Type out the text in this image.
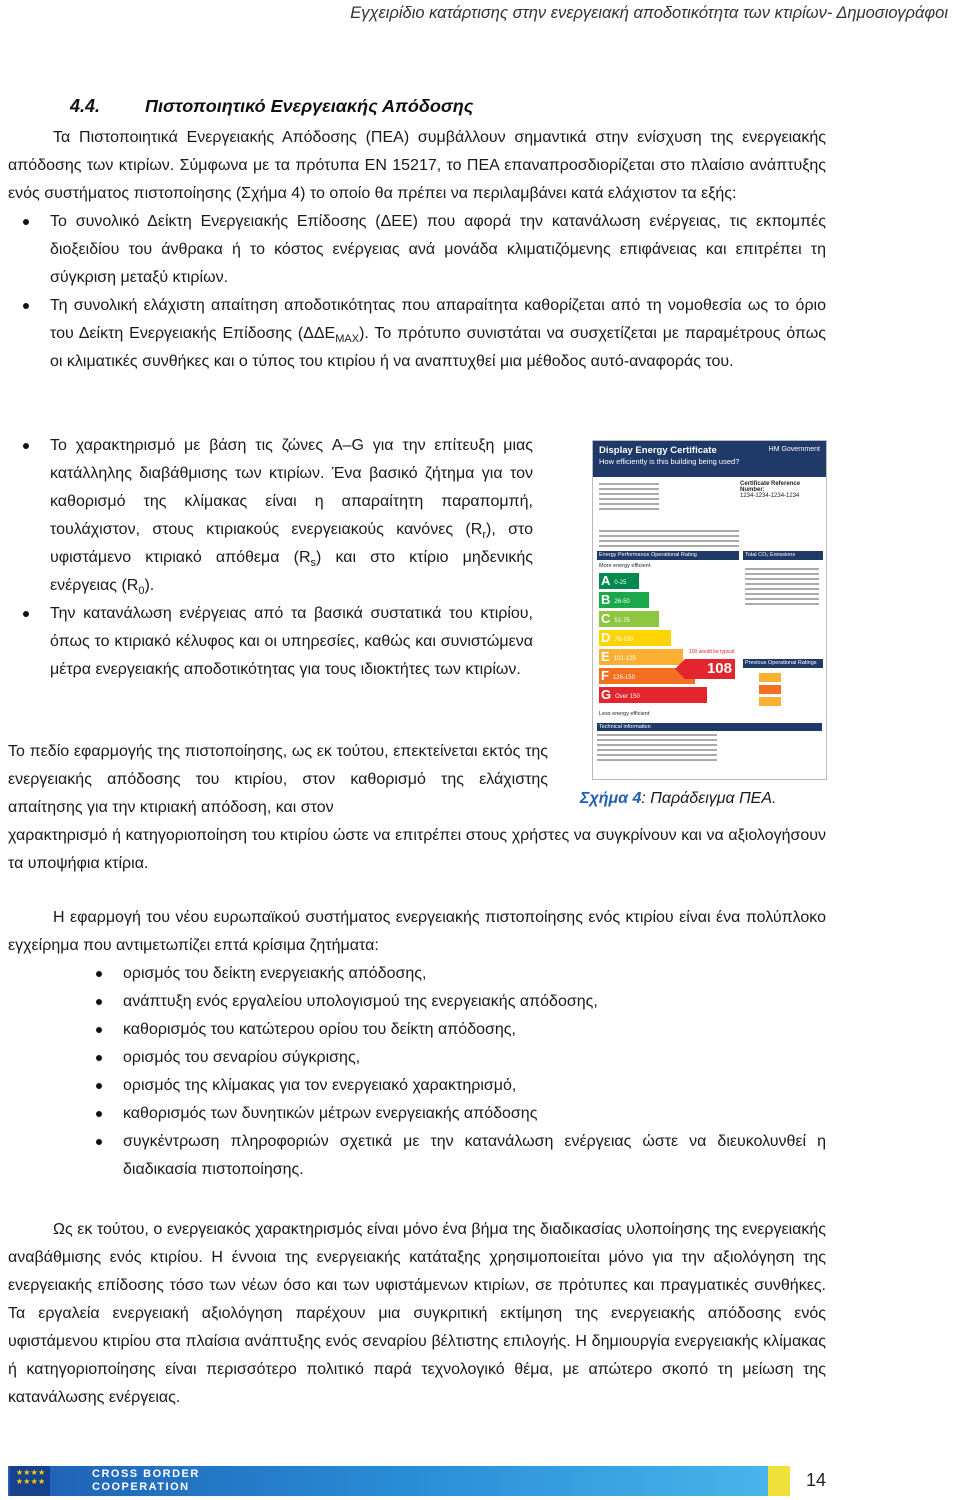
Εγχειρίδιο κατάρτισης στην ενεργειακή αποδοτικότητα των κτιρίων- Δημοσιογράφοι
4.4.	Πιστοποιητικό Ενεργειακής Απόδοσης

Τα Πιστοποιητικά Ενεργειακής Απόδοσης (ΠΕΑ) συμβάλλουν σημαντικά στην ενίσχυση της ενεργειακής απόδοσης των κτιρίων. Σύμφωνα με τα πρότυπα ΕΝ 15217, το ΠΕΑ επαναπροσδιορίζεται στο πλαίσιο ανάπτυξης ενός συστήματος πιστοποίησης (Σχήμα 4) το οποίο θα πρέπει να περιλαμβάνει κατά ελάχιστον τα εξής:

Το συνολικό Δείκτη Ενεργειακής Επίδοσης (ΔΕΕ) που αφορά την κατανάλωση ενέργειας, τις εκπομπές διοξειδίου του άνθρακα ή το κόστος ενέργειας ανά μονάδα κλιματιζόμενης επιφάνειας και επιτρέπει τη σύγκριση μεταξύ κτιρίων.
Τη συνολική ελάχιστη απαίτηση αποδοτικότητας που απαραίτητα καθορίζεται από τη νομοθεσία ως το όριο του Δείκτη Ενεργειακής Επίδοσης $(\Delta\Delta E_{MAX})$. Το πρότυπο συνιστάται να συσχετίζεται με παραμέτρους όπως οι κλιματικές συνθήκες και ο τύπος του κτιρίου ή να αναπτυχθεί μια μέθοδος αυτό-αναφοράς του.
Το χαρακτηρισμό με βάση τις ζώνες A–G για την επίτευξη μιας κατάλληλης διαβάθμισης των κτιρίων. Ένα βασικό ζήτημα για τον καθορισμό της κλίμακας είναι η απαραίτητη παραπομπή, τουλάχιστον, στους κτιριακούς ενεργειακούς κανόνες $(R_r)$, στο υφιστάμενο κτιριακό απόθεμα $(R_s)$ και στο κτίριο μηδενικής ενέργειας $(R_0)$.
Την κατανάλωση ενέργειας από τα βασικά συστατικά του κτιρίου, όπως το κτιριακό κέλυφος και οι υπηρεσίες, καθώς και συνιστώμενα μέτρα ενεργειακής αποδοτικότητας για τους ιδιοκτήτες των κτιρίων.

Το πεδίο εφαρμογής της πιστοποίησης, ως εκ τούτου, επεκτείνεται εκτός της ενεργειακής απόδοσης του κτιρίου, στον καθορισμό της ελάχιστης απαίτησης για την κτιριακή απόδοση, και στον

χαρακτηρισμό ή κατηγοριοποίηση του κτιρίου ώστε να επιτρέπει στους χρήστες να συγκρίνουν και να αξιολογήσουν τα υποψήφια κτίρια.

Display Energy Certificate
How efficiently is this building being used?
HM Government
Certificate Reference Number:
1234-1234-1234-1234
Energy Performance Operational Rating	Total CO₂ Emissions
More energy efficient
A 0-25
B 26-50
C 51-75
D 76-100
E 101-125
F 126-150
G Over 150
100 would be typical
108	Previous Operational Ratings
Less energy efficient
Technical information
Σχήμα 4: Παράδειγμα ΠΕΑ.

Η εφαρμογή του νέου ευρωπαϊκού συστήματος ενεργειακής πιστοποίησης ενός κτιρίου είναι ένα πολύπλοκο εγχείρημα που αντιμετωπίζει επτά κρίσιμα ζητήματα:

ορισμός του δείκτη ενεργειακής απόδοσης,
ανάπτυξη ενός εργαλείου υπολογισμού της ενεργειακής απόδοσης,
καθορισμός του κατώτερου ορίου του δείκτη απόδοσης,
ορισμός του σεναρίου σύγκρισης,
ορισμός της κλίμακας για τον ενεργειακό χαρακτηρισμό,
καθορισμός των δυνητικών μέτρων ενεργειακής απόδοσης
συγκέντρωση πληροφοριών σχετικά με την κατανάλωση ενέργειας ώστε να διευκολυνθεί η διαδικασία πιστοποίησης.

Ως εκ τούτου, ο ενεργειακός χαρακτηρισμός είναι μόνο ένα βήμα της διαδικασίας υλοποίησης της ενεργειακής αναβάθμισης ενός κτιρίου. Η έννοια της ενεργειακής κατάταξης χρησιμοποιείται μόνο για την αξιολόγηση της ενεργειακής επίδοσης τόσο των νέων όσο και των υφιστάμενων κτιρίων, σε πρότυπες και πραγματικές συνθήκες. Τα εργαλεία ενεργειακή αξιολόγηση παρέχουν μια συγκριτική εκτίμηση της ενεργειακής απόδοσης ενός υφιστάμενου κτιρίου στα πλαίσια ανάπτυξης ενός σεναρίου βέλτιστης επιλογής. Η δημιουργία ενεργειακής κλίμακας ή κατηγοριοποίησης είναι περισσότερο πολιτικό παρά τεχνολογικό θέμα, με απώτερο σκοπό τη μείωση της κατανάλωσης ενέργειας.

★ ★ ★ ★ ★ ★ ★ ★
CROSS BORDER
COOPERATION	14
